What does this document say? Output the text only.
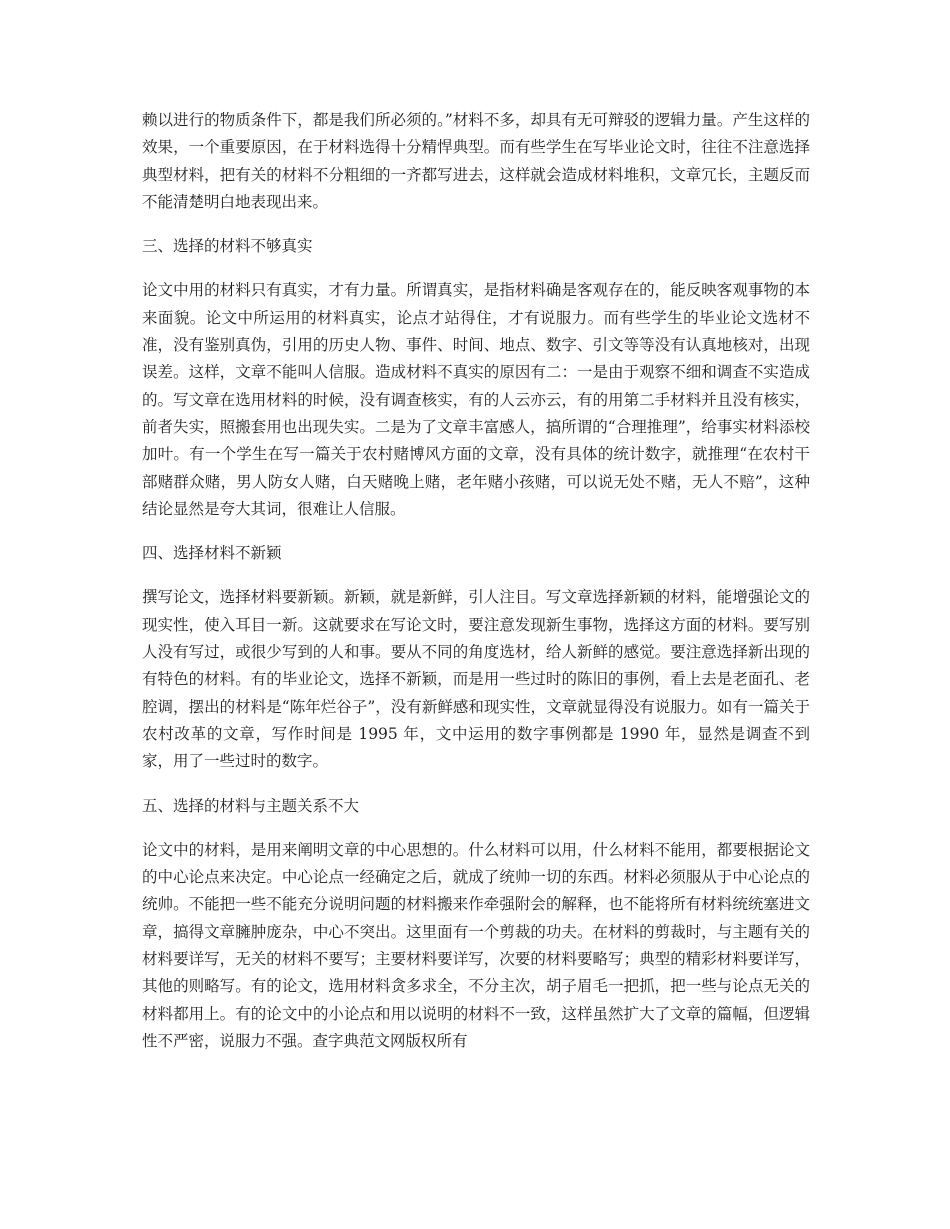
赖以进行的物质条件下，都是我们所必须的。”材料不多，却具有无可辩驳的逻辑力量。产生这样的效果，一个重要原因，在于材料选得十分精悍典型。而有些学生在写毕业论文时，往往不注意选择典型材料，把有关的材料不分粗细的一齐都写进去，这样就会造成材料堆积，文章冗长，主题反而不能清楚明白地表现出来。

三、选择的材料不够真实

论文中用的材料只有真实，才有力量。所谓真实，是指材料确是客观存在的，能反映客观事物的本来面貌。论文中所运用的材料真实，论点才站得住，才有说服力。而有些学生的毕业论文选材不准，没有鉴别真伪，引用的历史人物、事件、时间、地点、数字、引文等等没有认真地核对，出现误差。这样，文章不能叫人信服。造成材料不真实的原因有二：一是由于观察不细和调查不实造成的。写文章在选用材料的时候，没有调查核实，有的人云亦云，有的用第二手材料并且没有核实，前者失实，照搬套用也出现失实。二是为了文章丰富感人，搞所谓的“合理推理”，给事实材料添校加叶。有一个学生在写一篇关于农村赌博风方面的文章，没有具体的统计数字，就推理“在农村干部赌群众赌，男人防女人赌，白天赌晚上赌，老年赌小孩赌，可以说无处不赌，无人不赔”，这种结论显然是夸大其词，很难让人信服。

四、选择材料不新颖

撰写论文，选择材料要新颖。新颖，就是新鲜，引人注目。写文章选择新颖的材料，能增强论文的现实性，使入耳目一新。这就要求在写论文时，要注意发现新生事物，选择这方面的材料。要写别人没有写过，或很少写到的人和事。要从不同的角度选材，给人新鲜的感觉。要注意选择新出现的有特色的材料。有的毕业论文，选择不新颖，而是用一些过时的陈旧的事例，看上去是老面孔、老腔调，摆出的材料是“陈年烂谷子”，没有新鲜感和现实性，文章就显得没有说服力。如有一篇关于农村改革的文章，写作时间是 1995 年，文中运用的数字事例都是 1990 年，显然是调查不到家，用了一些过时的数字。

五、选择的材料与主题关系不大

论文中的材料，是用来阐明文章的中心思想的。什么材料可以用，什么材料不能用，都要根据论文的中心论点来决定。中心论点一经确定之后，就成了统帅一切的东西。材料必须服从于中心论点的统帅。不能把一些不能充分说明问题的材料搬来作牵强附会的解释，也不能将所有材料统统塞进文章，搞得文章臃肿庞杂，中心不突出。这里面有一个剪裁的功夫。在材料的剪裁时，与主题有关的材料要详写，无关的材料不要写；主要材料要详写，次要的材料要略写；典型的精彩材料要详写，其他的则略写。有的论文，选用材料贪多求全，不分主次，胡子眉毛一把抓，把一些与论点无关的材料都用上。有的论文中的小论点和用以说明的材料不一致，这样虽然扩大了文章的篇幅，但逻辑性不严密，说服力不强。查字典范文网版权所有
